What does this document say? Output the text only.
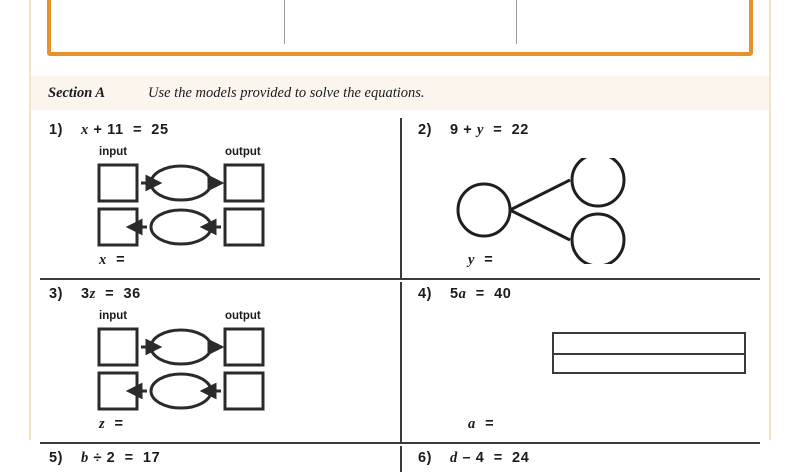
Section A	Use the models provided to solve the equations.
1)	x + 11  =  25
input	output
x  =
2)	9 + y  =  22
y  =
3)	3z  =  36
input	output
z  =
4)	5a  =  40
a  =
5)	b ÷ 2  =  17	6)	d – 4  =  24
